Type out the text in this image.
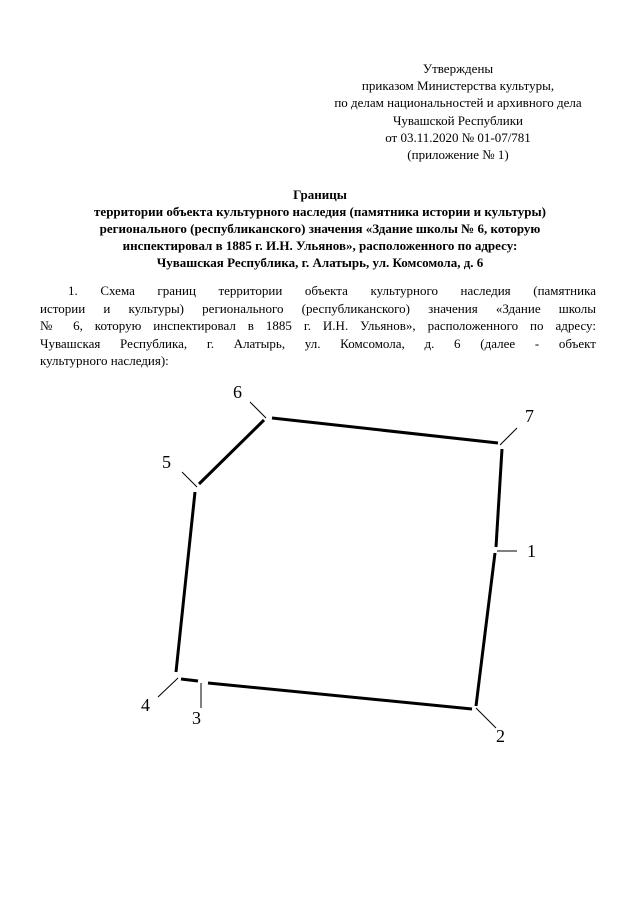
Утверждены
приказом Министерства культуры,
по делам национальностей и архивного дела
Чувашской Республики
от 03.11.2020 № 01-07/781
(приложение № 1)
Границы
территории объекта культурного наследия (памятника истории и культуры)
регионального (республиканского) значения «Здание школы № 6, которую
инспектировал в 1885 г. И.Н. Ульянов», расположенного по адресу:
Чувашская Республика, г. Алатырь, ул. Комсомола, д. 6
1. Схема границ территории объекта культурного наследия (памятника
истории и культуры) регионального (республиканского) значения «Здание школы
№ 6, которую инспектировал в 1885 г. И.Н. Ульянов», расположенного по адресу:
Чувашская Республика, г. Алатырь, ул. Комсомола, д. 6 (далее - объект
культурного наследия):
1
2
3
4
5
6
7
